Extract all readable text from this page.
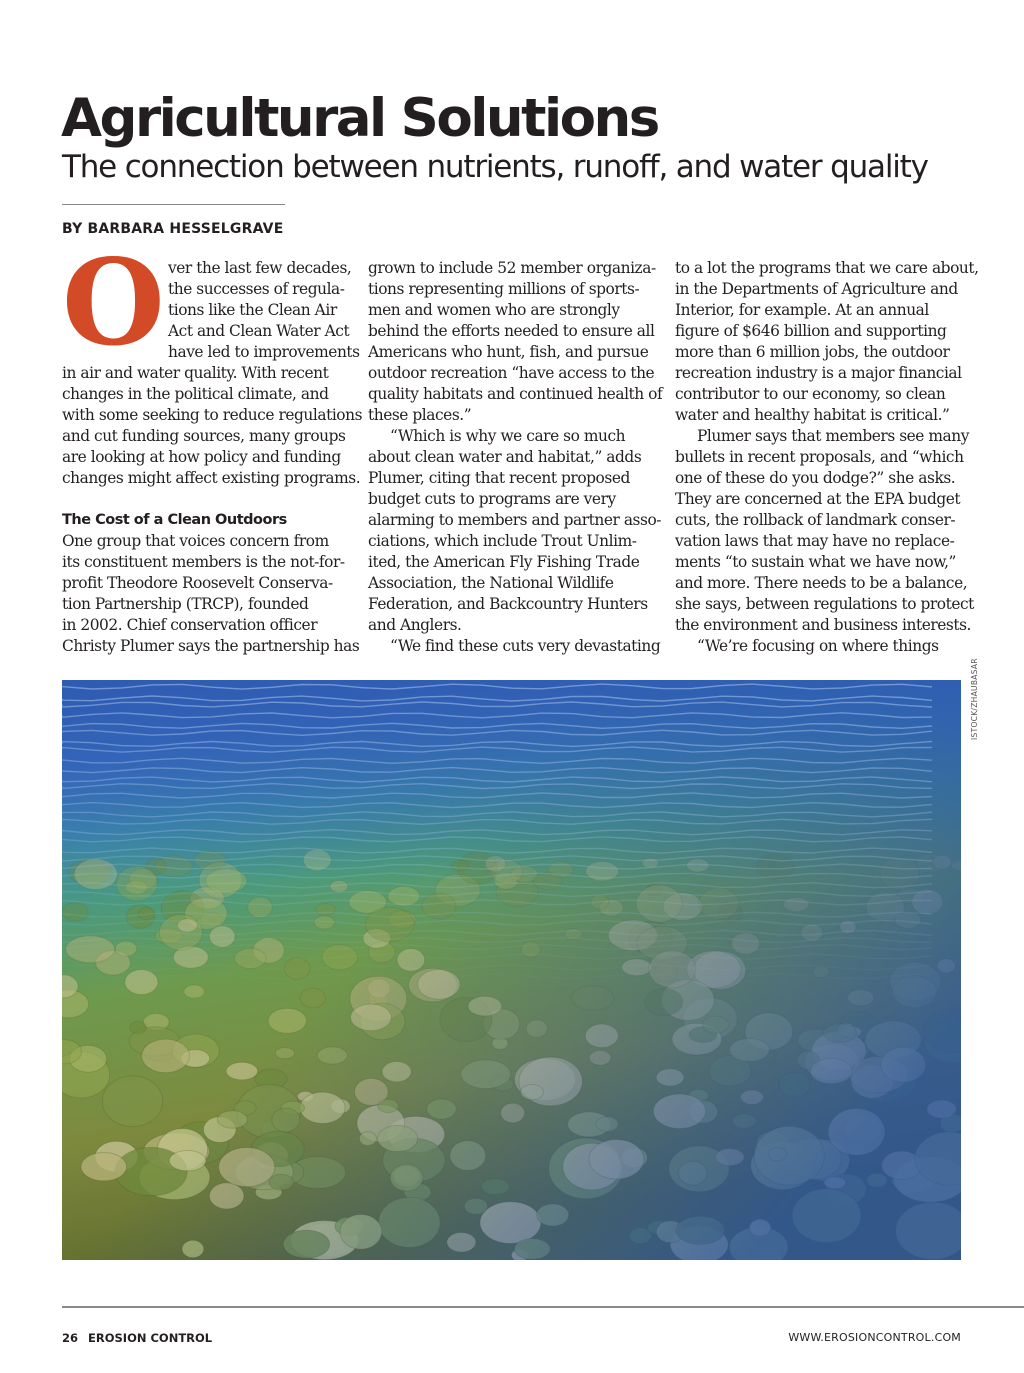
Agricultural Solutions
The connection between nutrients, runoff, and water quality
BY BARBARA HESSELGRAVE
O ver the last few decades,
the successes of regula-
tions like the Clean Air
Act and Clean Water Act
have led to improvements
in air and water quality. With recent
changes in the political climate, and
with some seeking to reduce regulations
and cut funding sources, many groups
are looking at how policy and funding
changes might affect existing programs.
The Cost of a Clean Outdoors
One group that voices concern from
its constituent members is the not-for-
profit Theodore Roosevelt Conserva-
tion Partnership (TRCP), founded
in 2002. Chief conservation officer
Christy Plumer says the partnership has
grown to include 52 member organiza-
tions representing millions of sports-
men and women who are strongly
behind the efforts needed to ensure all
Americans who hunt, fish, and pursue
outdoor recreation “have access to the
quality habitats and continued health of
these places.”
“Which is why we care so much
about clean water and habitat,” adds
Plumer, citing that recent proposed
budget cuts to programs are very
alarming to members and partner asso-
ciations, which include Trout Unlim-
ited, the American Fly Fishing Trade
Association, the National Wildlife
Federation, and Backcountry Hunters
and Anglers.
“We find these cuts very devastating
to a lot the programs that we care about,
in the Departments of Agriculture and
Interior, for example. At an annual
figure of $646 billion and supporting
more than 6 million jobs, the outdoor
recreation industry is a major financial
contributor to our economy, so clean
water and healthy habitat is critical.”
Plumer says that members see many
bullets in recent proposals, and “which
one of these do you dodge?” she asks.
They are concerned at the EPA budget
cuts, the rollback of landmark conser-
vation laws that may have no replace-
ments “to sustain what we have now,”
and more. There needs to be a balance,
she says, between regulations to protect
the environment and business interests.
“We’re focusing on where things
ISTOCK/ZHAUBASAR
26 EROSION CONTROL	WWW.EROSIONCONTROL.COM
